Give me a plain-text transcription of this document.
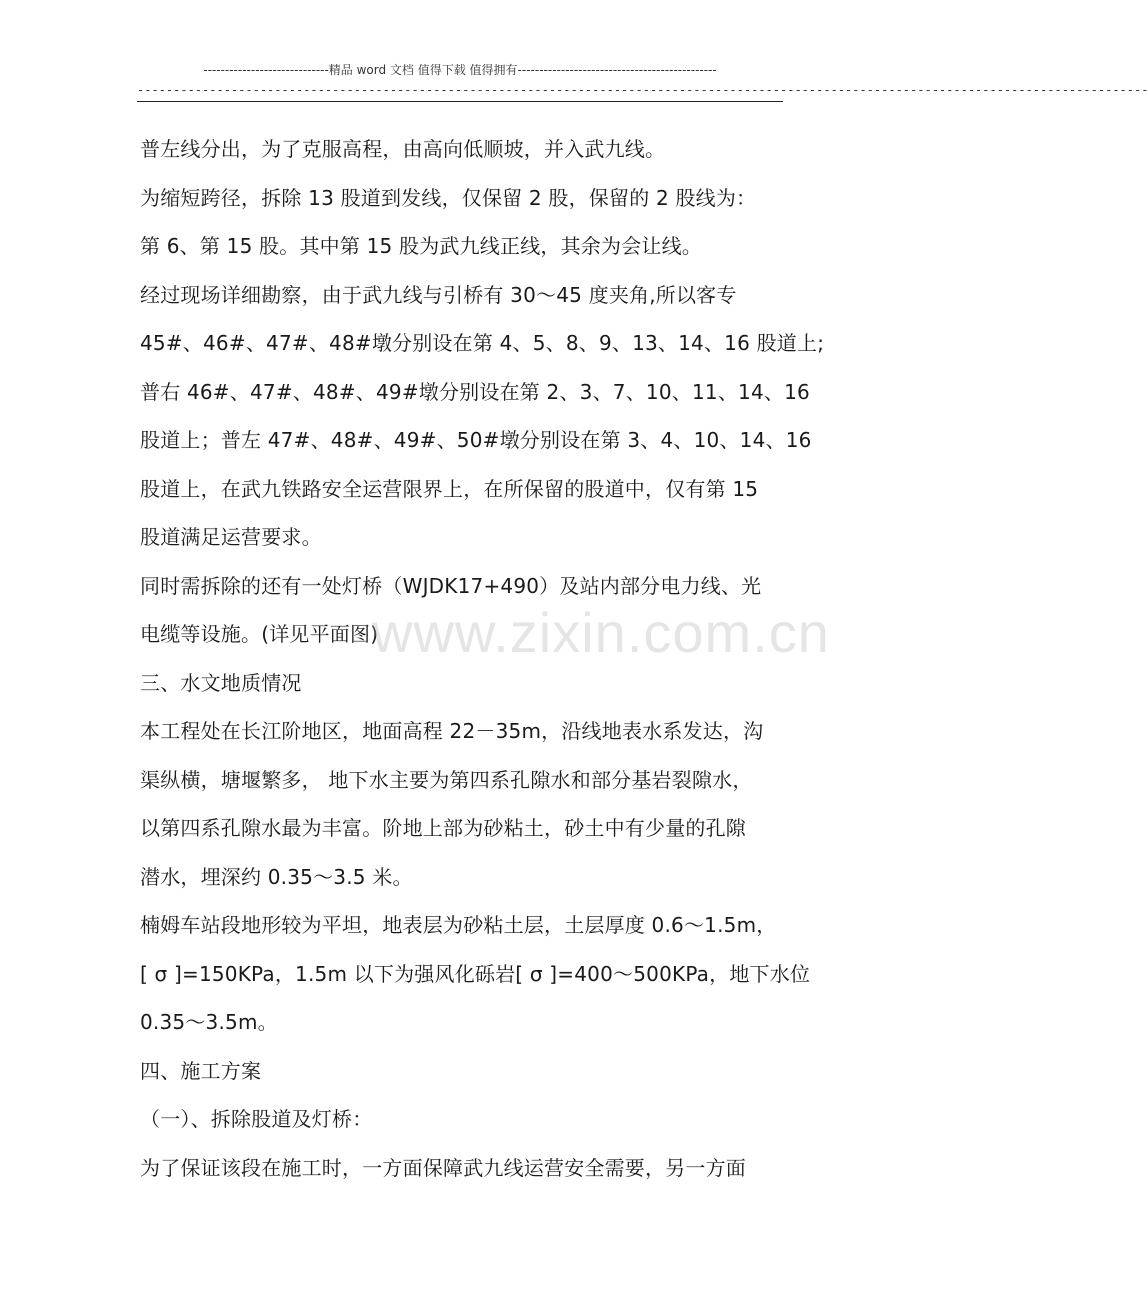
-----------------------------精品 word 文档 值得下载 值得拥有----------------------------------------------
--------------------------------------------------------------------------------------------------------------------------------------------
普左线分出，为了克服高程，由高向低顺坡，并入武九线。
为缩短跨径，拆除 13 股道到发线，仅保留 2 股，保留的 2 股线为：
第 6、第 15 股。其中第 15 股为武九线正线，其余为会让线。
经过现场详细勘察，由于武九线与引桥有 30～45 度夹角,所以客专
45#、46#、47#、48#墩分别设在第 4、5、8、9、13、14、16 股道上;
普右 46#、47#、48#、49#墩分别设在第 2、3、7、10、11、14、16
股道上；普左 47#、48#、49#、50#墩分别设在第 3、4、10、14、16
股道上，在武九铁路安全运营限界上，在所保留的股道中，仅有第 15
股道满足运营要求。
同时需拆除的还有一处灯桥（WJDK17+490）及站内部分电力线、光
电缆等设施。(详见平面图)
三、水文地质情况
本工程处在长江阶地区，地面高程 22－35m，沿线地表水系发达，沟
渠纵横，塘堰繁多， 地下水主要为第四系孔隙水和部分基岩裂隙水，
以第四系孔隙水最为丰富。阶地上部为砂粘土，砂土中有少量的孔隙
潜水，埋深约 0.35～3.5 米。
楠姆车站段地形较为平坦，地表层为砂粘土层，土层厚度 0.6～1.5m，
[ σ ]=150KPa，1.5m 以下为强风化砾岩[ σ ]=400～500KPa，地下水位
0.35～3.5m。
四、施工方案
（一）、拆除股道及灯桥：
为了保证该段在施工时，一方面保障武九线运营安全需要，另一方面
www.zixin.com.cn
